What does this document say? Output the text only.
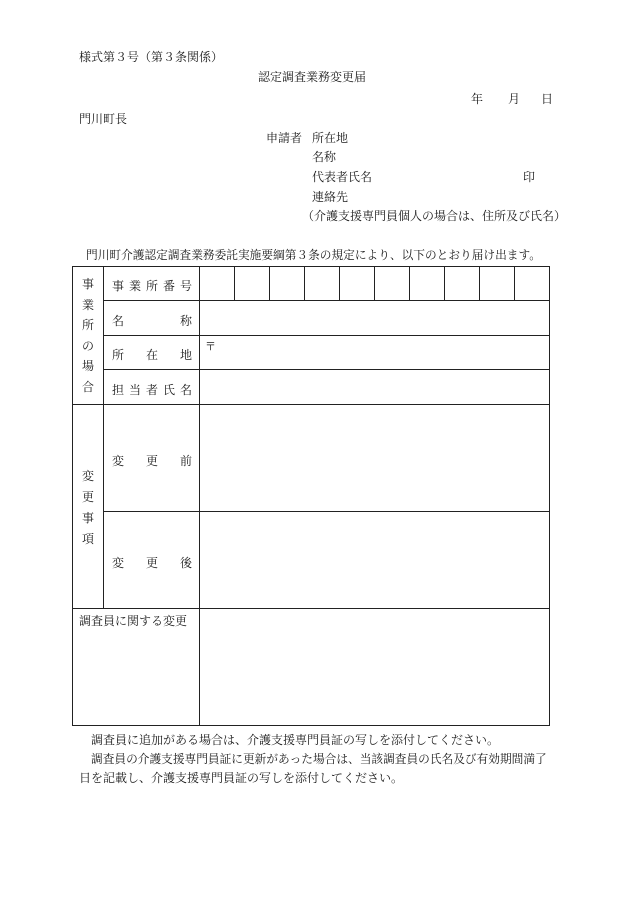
様式第３号（第３条関係）
認定調査業務変更届
年 月 日
門川町長
申請者 所在地
名称
代表者氏名	印
連絡先
（介護支援専門員個人の場合は、住所及び氏名）
門川町介護認定調査業務委託実施要綱第３条の規定により、以下のとおり届け出ます。
事
業
所
の
場
合
事 業 所 番 号
名	称
所 在 地
〒
担 当 者 氏 名
変
更
事
項
変 更 前
変 更 後
調査員に関する変更
調査員に追加がある場合は、介護支援専門員証の写しを添付してください。
調査員の介護支援専門員証に更新があった場合は、当該調査員の氏名及び有効期間満了
日を記載し、介護支援専門員証の写しを添付してください。
